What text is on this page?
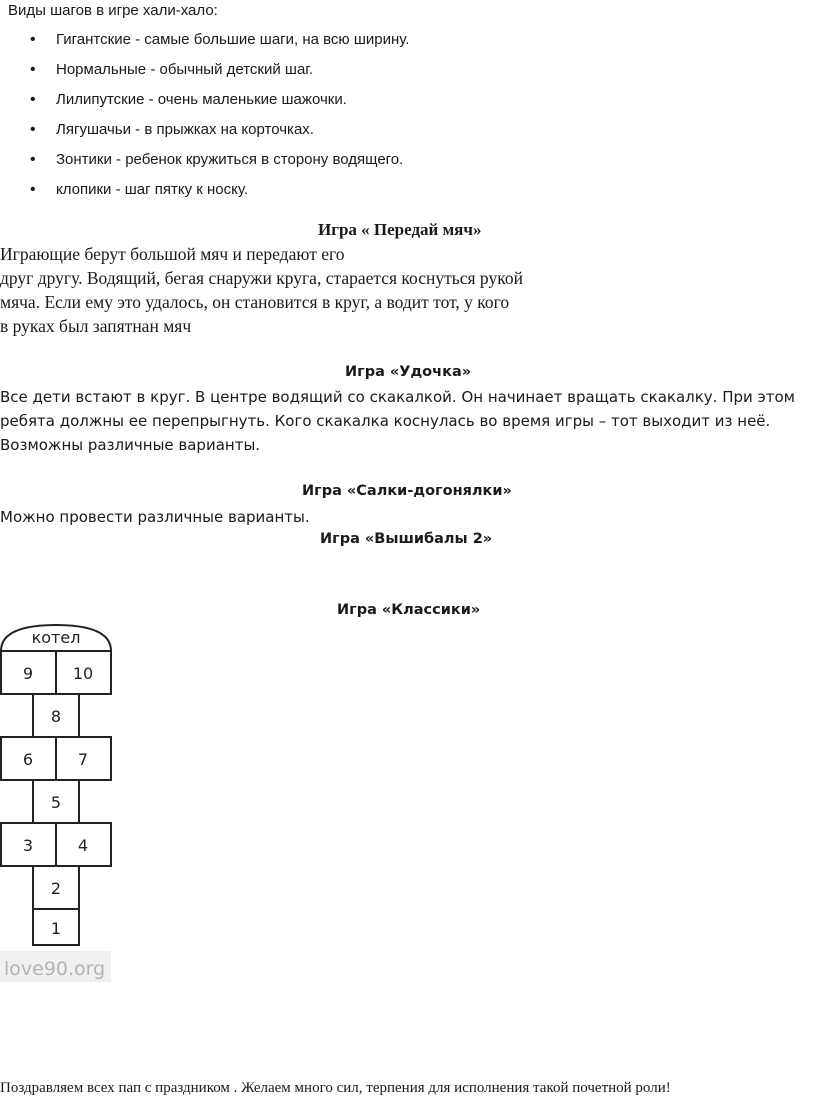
Виды шагов в игре хали-хало:
• Гигантские - самые большие шаги, на всю ширину.
• Нормальные - обычный детский шаг.
• Лилипутские - очень маленькие шажочки.
• Лягушачьи - в прыжках на корточках.
• Зонтики - ребенок кружиться в сторону водящего.
• клопики - шаг пятку к носку.
Игра « Передай мяч»
Играющие берут большой мяч и передают его
друг другу. Водящий, бегая снаружи круга, старается коснуться рукой
мяча. Если ему это удалось, он становится в круг, а водит тот, у кого
в руках был запятнан мяч
Игра «Удочка»
Все дети встают в круг. В центре водящий со скакалкой. Он начинает вращать скакалку. При этом
ребята должны ее перепрыгнуть. Кого скакалка коснулась во время игры – тот выходит из неё.
Возможны различные варианты.
Игра «Салки-догонялки»
Можно провести различные варианты.
Игра «Вышибалы 2»
Игра «Классики»
котел
9 10
8
6	7
5
3	4
2
1
love90.org
Поздравляем всех пап с праздником . Желаем много сил, терпения для исполнения такой почетной роли!
